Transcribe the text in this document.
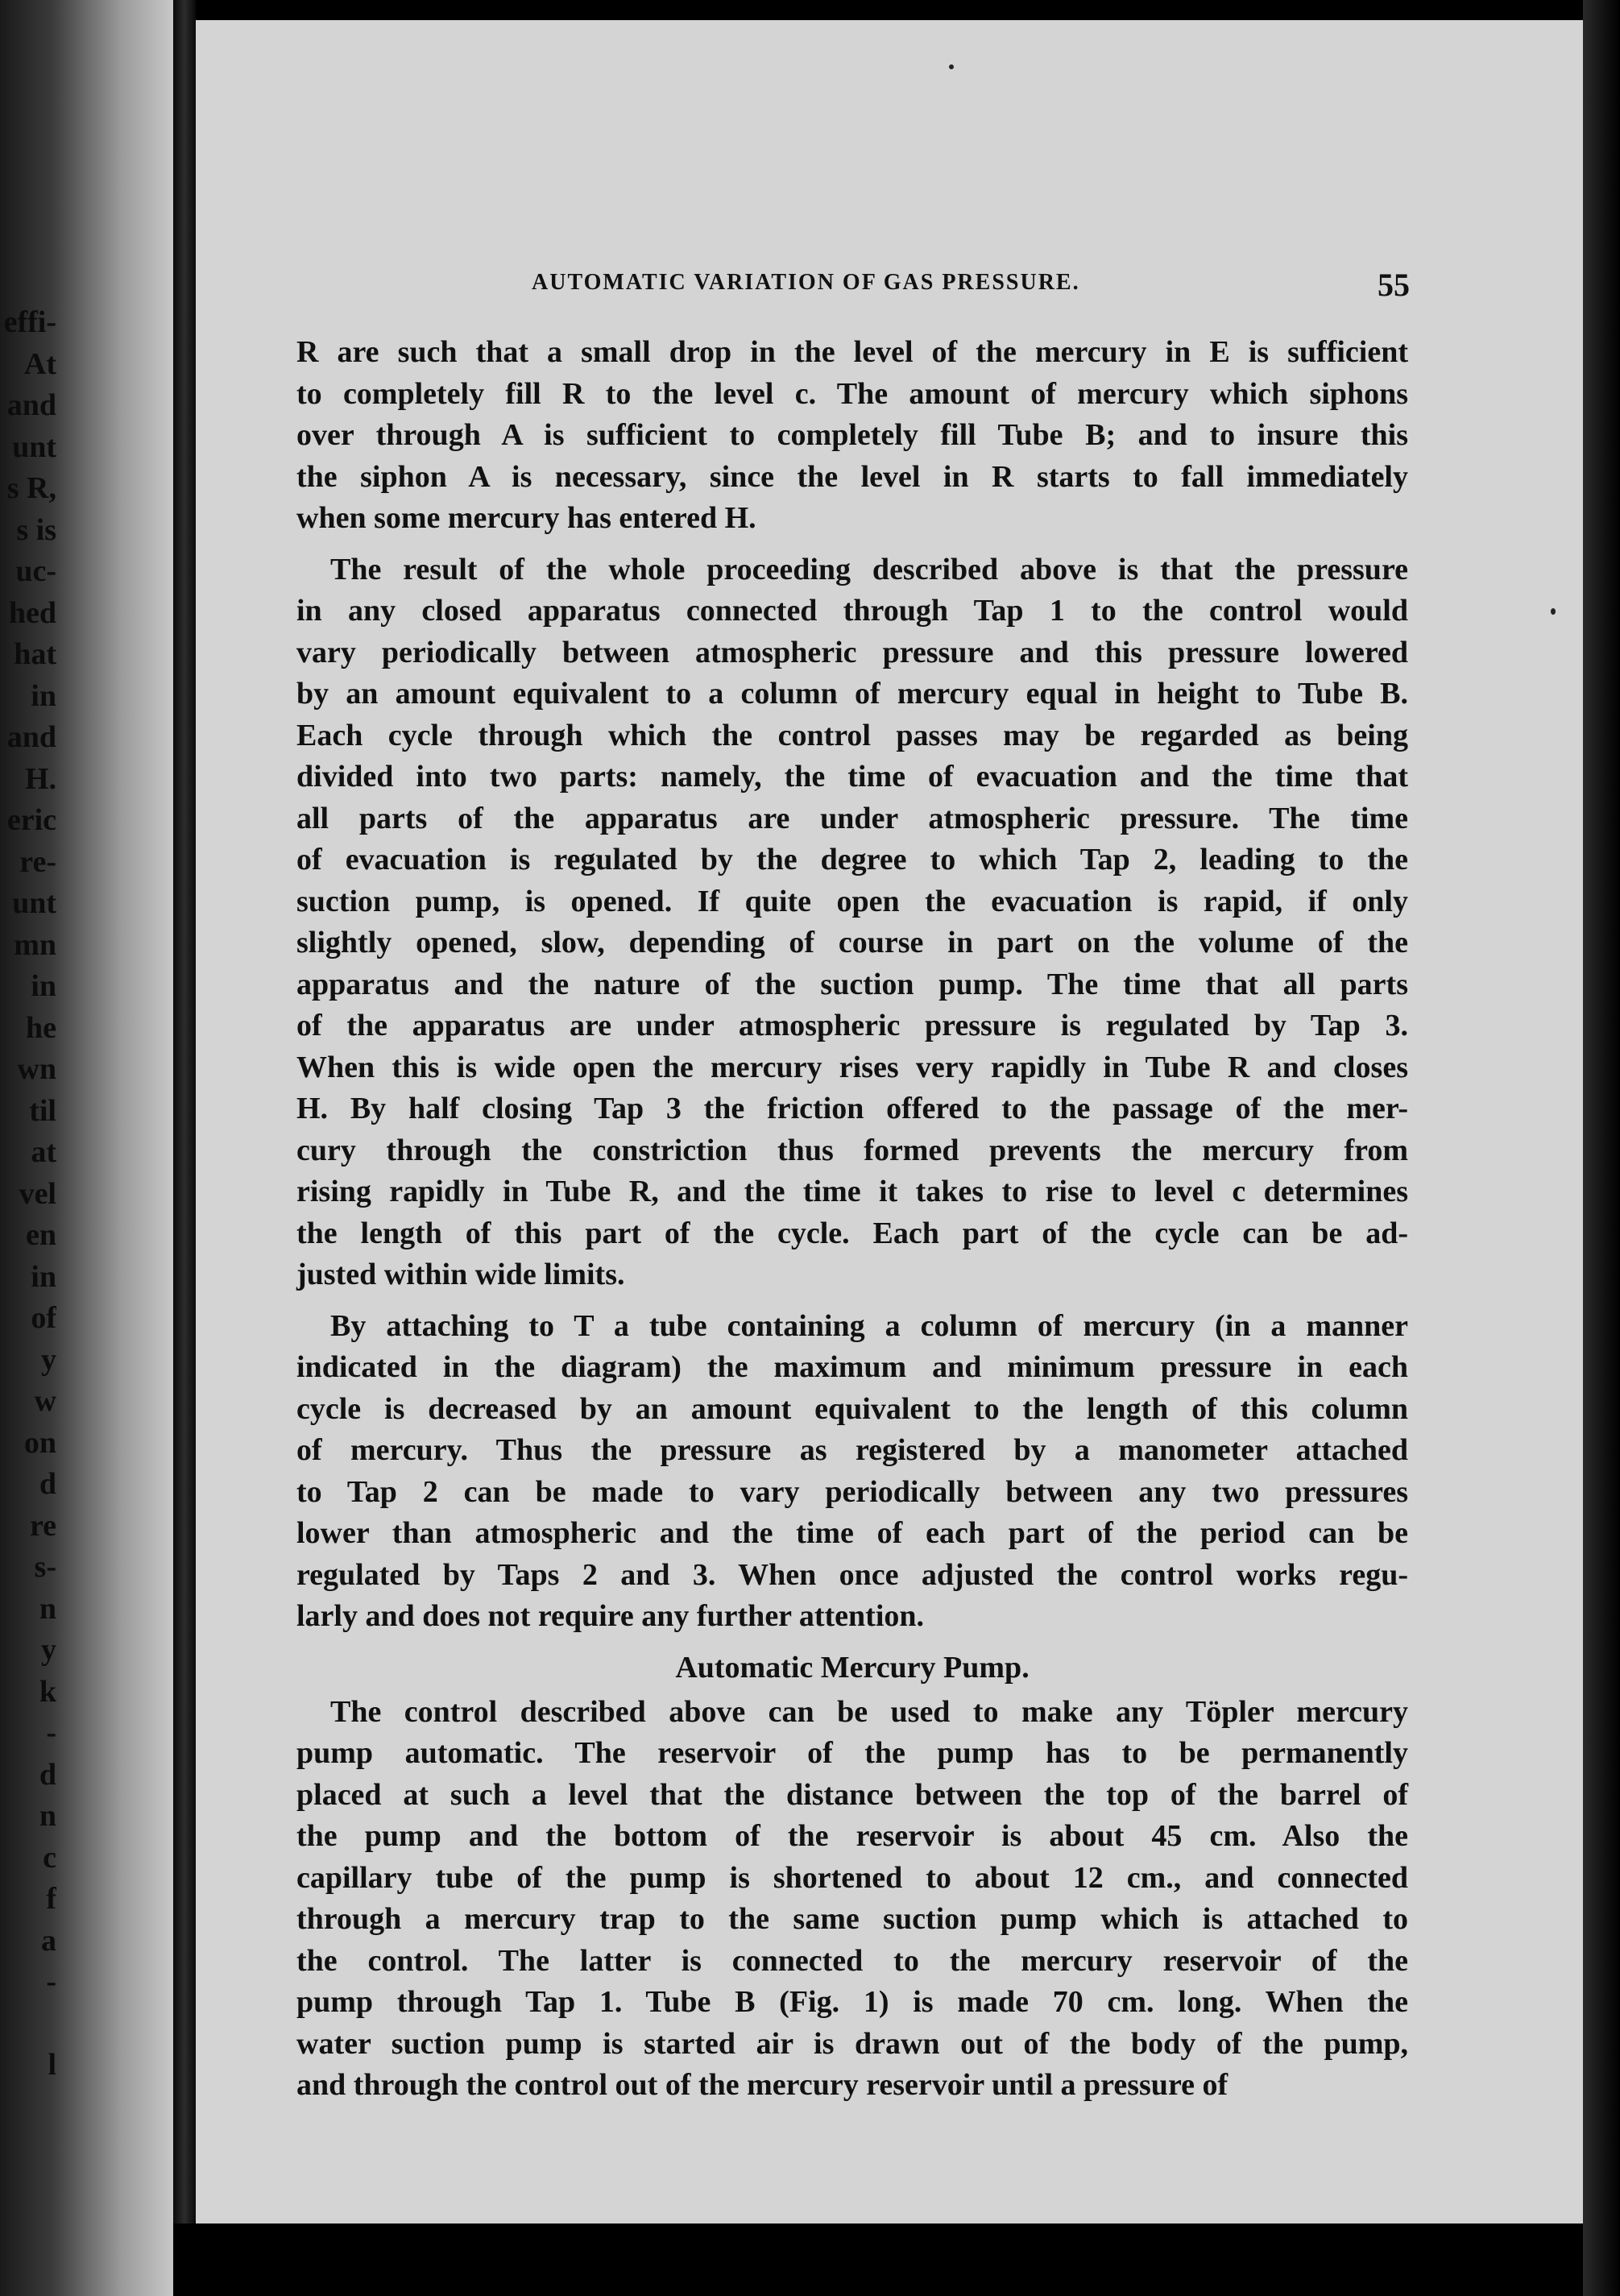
effi-
At
and
unt
s R,
s is
uc-
hed
hat
in
and
H.
eric
re-
unt
mn
in
he
wn
til
at
vel
en
in
of
y
w
on
d
re
s-
n
y
k
-
d
n
c
f
a
-
l
AUTOMATIC VARIATION OF GAS PRESSURE.	55
R are such that a small drop in the level of the mercury in E is sufficient
to completely fill R to the level c. The amount of mercury which siphons
over through A is sufficient to completely fill Tube B; and to insure this
the siphon A is necessary, since the level in R starts to fall immediately
when some mercury has entered H.
The result of the whole proceeding described above is that the pressure
in any closed apparatus connected through Tap 1 to the control would
vary periodically between atmospheric pressure and this pressure lowered
by an amount equivalent to a column of mercury equal in height to Tube B.
Each cycle through which the control passes may be regarded as being
divided into two parts: namely, the time of evacuation and the time that
all parts of the apparatus are under atmospheric pressure. The time
of evacuation is regulated by the degree to which Tap 2, leading to the
suction pump, is opened. If quite open the evacuation is rapid, if only
slightly opened, slow, depending of course in part on the volume of the
apparatus and the nature of the suction pump. The time that all parts
of the apparatus are under atmospheric pressure is regulated by Tap 3.
When this is wide open the mercury rises very rapidly in Tube R and closes
H. By half closing Tap 3 the friction offered to the passage of the mer-
cury through the constriction thus formed prevents the mercury from
rising rapidly in Tube R, and the time it takes to rise to level c determines
the length of this part of the cycle. Each part of the cycle can be ad-
justed within wide limits.
By attaching to T a tube containing a column of mercury (in a manner
indicated in the diagram) the maximum and minimum pressure in each
cycle is decreased by an amount equivalent to the length of this column
of mercury. Thus the pressure as registered by a manometer attached
to Tap 2 can be made to vary periodically between any two pressures
lower than atmospheric and the time of each part of the period can be
regulated by Taps 2 and 3. When once adjusted the control works regu-
larly and does not require any further attention.
Automatic Mercury Pump.
The control described above can be used to make any Töpler mercury
pump automatic. The reservoir of the pump has to be permanently
placed at such a level that the distance between the top of the barrel of
the pump and the bottom of the reservoir is about 45 cm. Also the
capillary tube of the pump is shortened to about 12 cm., and connected
through a mercury trap to the same suction pump which is attached to
the control. The latter is connected to the mercury reservoir of the
pump through Tap 1. Tube B (Fig. 1) is made 70 cm. long. When the
water suction pump is started air is drawn out of the body of the pump,
and through the control out of the mercury reservoir until a pressure of
